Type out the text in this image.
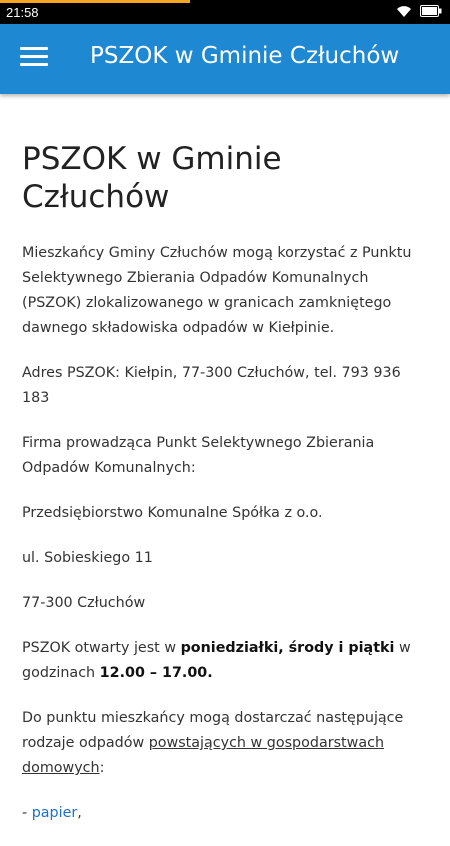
21:58
PSZOK w Gminie Człuchów
PSZOK w Gminie Człuchów

Mieszkańcy Gminy Człuchów mogą korzystać z Punktu Selektywnego Zbierania Odpadów Komunalnych (PSZOK) zlokalizowanego w granicach zamkniętego dawnego składowiska odpadów w Kiełpinie.

Adres PSZOK: Kiełpin, 77-300 Człuchów, tel. 793 936 183

Firma prowadząca Punkt Selektywnego Zbierania Odpadów Komunalnych:

Przedsiębiorstwo Komunalne Spółka z o.o.

ul. Sobieskiego 11

77-300 Człuchów

PSZOK otwarty jest w poniedziałki, środy i piątki w godzinach 12.00 – 17.00.

Do punktu mieszkańcy mogą dostarczać następujące rodzaje odpadów powstających w gospodarstwach domowych:

- papier,
